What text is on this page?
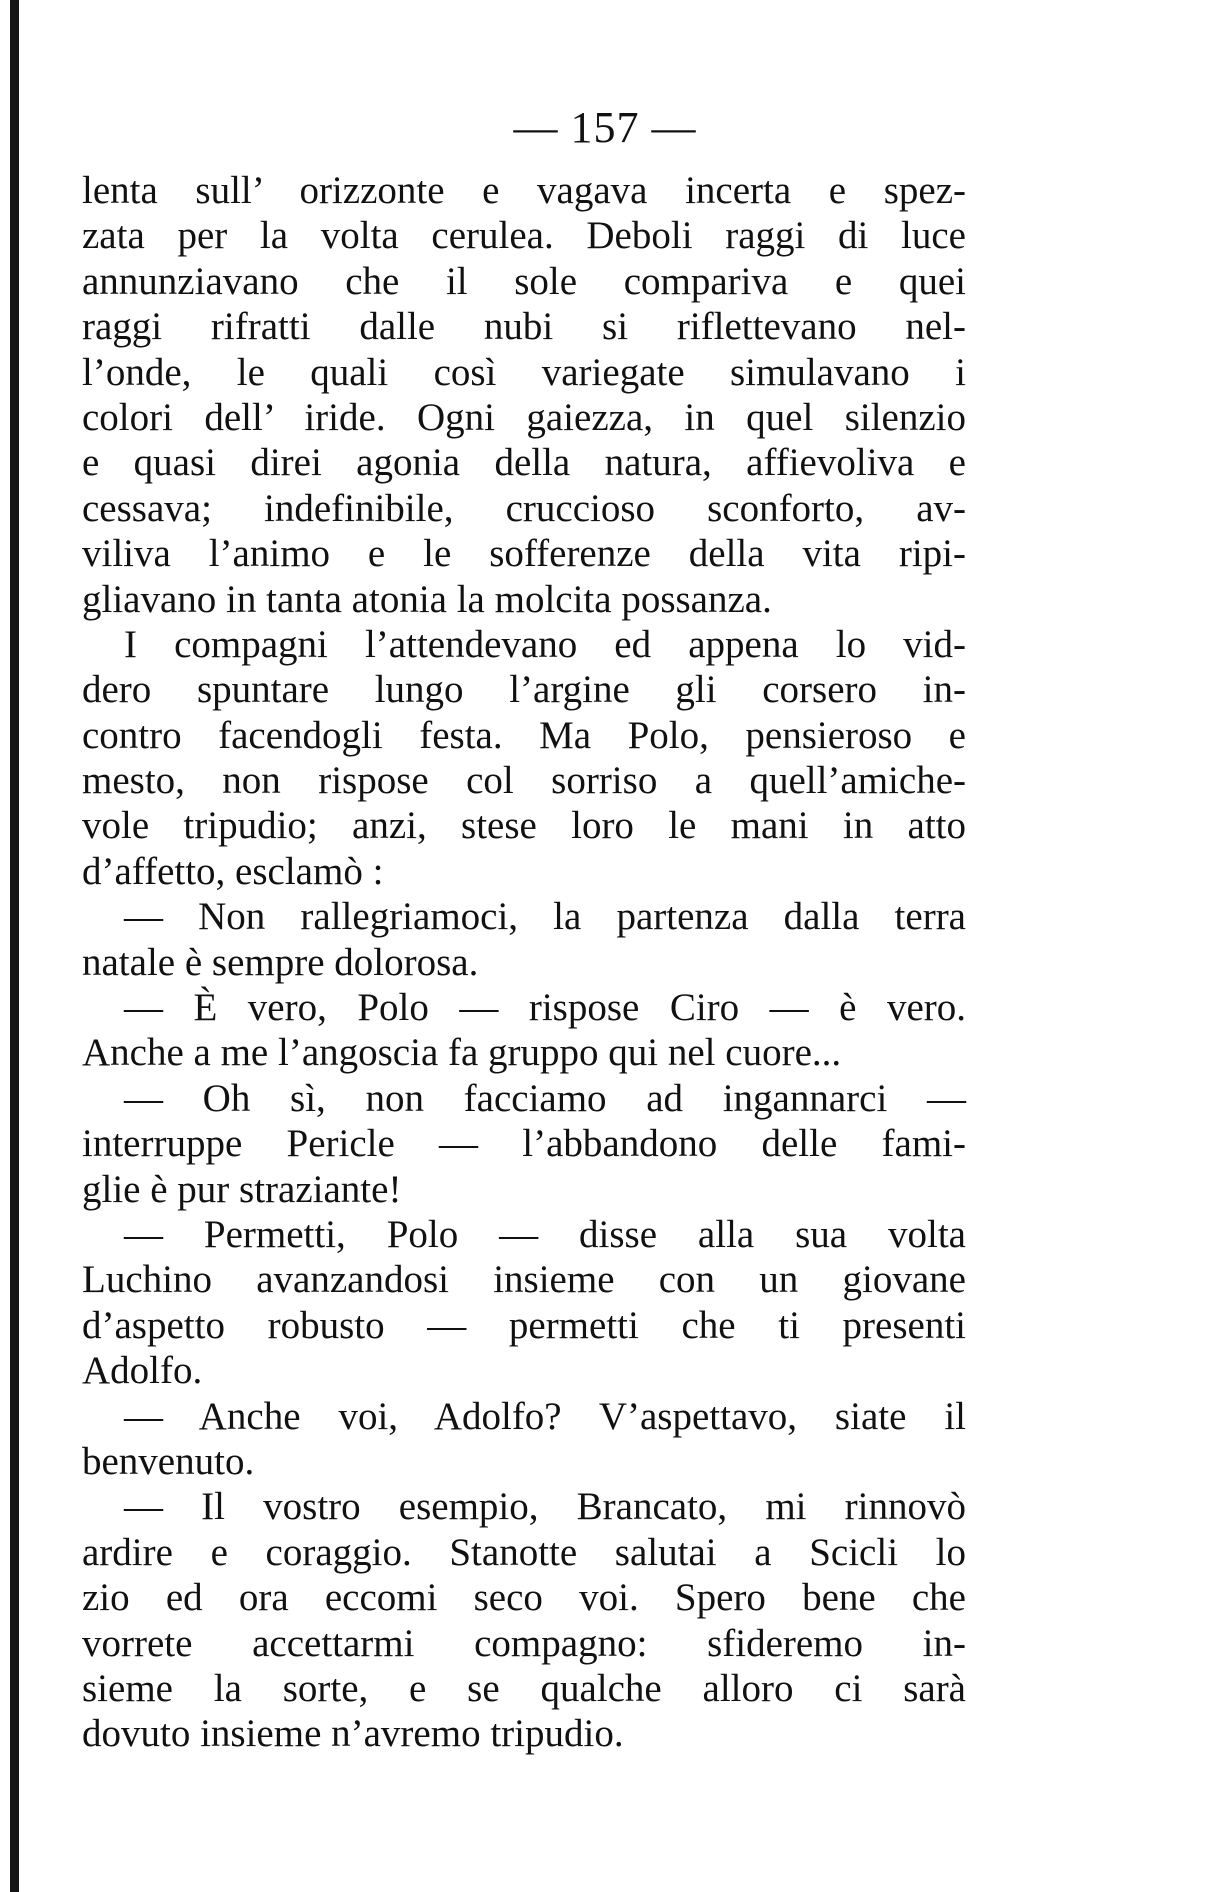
— 157 —
lenta sull’ orizzonte e vagava incerta e spez-
zata per la volta cerulea. Deboli raggi di luce
annunziavano che il sole compariva e quei
raggi rifratti dalle nubi si riflettevano nel-
l’onde, le quali così variegate simulavano i
colori dell’ iride. Ogni gaiezza, in quel silenzio
e quasi direi agonia della natura, affievoliva e
cessava; indefinibile, cruccioso sconforto, av-
viliva l’animo e le sofferenze della vita ripi-
gliavano in tanta atonia la molcita possanza.
I compagni l’attendevano ed appena lo vid-
dero spuntare lungo l’argine gli corsero in-
contro facendogli festa. Ma Polo, pensieroso e
mesto, non rispose col sorriso a quell’amiche-
vole tripudio; anzi, stese loro le mani in atto
d’affetto, esclamò :
— Non rallegriamoci, la partenza dalla terra
natale è sempre dolorosa.
— È vero, Polo — rispose Ciro — è vero.
Anche a me l’angoscia fa gruppo qui nel cuore...
— Oh sì, non facciamo ad ingannarci —
interruppe Pericle — l’abbandono delle fami-
glie è pur straziante!
— Permetti, Polo — disse alla sua volta
Luchino avanzandosi insieme con un giovane
d’aspetto robusto — permetti che ti presenti
Adolfo.
— Anche voi, Adolfo? V’aspettavo, siate il
benvenuto.
— Il vostro esempio, Brancato, mi rinnovò
ardire e coraggio. Stanotte salutai a Scicli lo
zio ed ora eccomi seco voi. Spero bene che
vorrete accettarmi compagno: sfideremo in-
sieme la sorte, e se qualche alloro ci sarà
dovuto insieme n’avremo tripudio.
